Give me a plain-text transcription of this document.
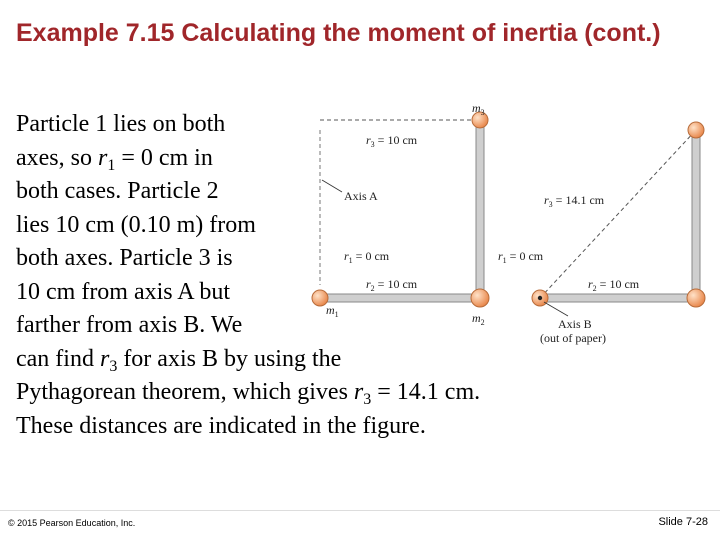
Example 7.15 Calculating the moment of inertia (cont.)
Particle 1 lies on both
axes, so $r_1 = 0$ cm in
both cases. Particle 2
lies 10 cm (0.10 m) from
both axes. Particle 3 is
10 cm from axis A but
farther from axis B. We
can find $r_3$ for axis B by using the
Pythagorean theorem, which gives $r_3 = 14.1$ cm.
These distances are indicated in the figure.
$m_3$
$r_3 = 10$ cm
Axis A
$r_1 = 0$ cm
$r_2 = 10$ cm
$m_1$	$m_2$
$r_3 = 14.1$ cm
$r_1 = 0$ cm
$r_2 = 10$ cm
Axis B
(out of paper)
© 2015 Pearson Education, Inc.	Slide 7-28
